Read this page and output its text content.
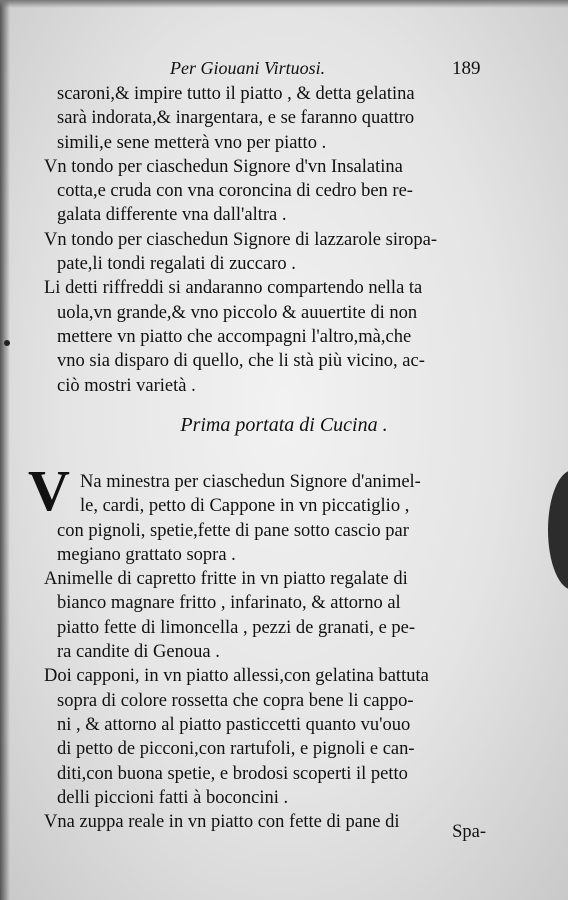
Per Giouani Virtuosi.	189
scaroni,& impire tutto il piatto , & detta gelatina
sarà indorata,& inargentara, e se faranno quattro
simili,e sene metterà vno per piatto .
Vn tondo per ciaschedun Signore d'vn Insalatina
cotta,e cruda con vna coroncina di cedro ben re-
galata differente vna dall'altra .
Vn tondo per ciaschedun Signore di lazzarole siropa-
pate,li tondi regalati di zuccaro .
Li detti riffreddi si andaranno compartendo nella ta
uola,vn grande,& vno piccolo & auuertite di non
mettere vn piatto che accompagni l'altro,mà,che
vno sia disparo di quello, che li stà più vicino, ac-
ciò mostri varietà .
Prima portata di Cucina .
V Na minestra per ciaschedun Signore d'animel-
le, cardi, petto di Cappone in vn piccatiglio ,
con pignoli, spetie,fette di pane sotto cascio par
megiano grattato sopra .
Animelle di capretto fritte in vn piatto regalate di
bianco magnare fritto , infarinato, & attorno al
piatto fette di limoncella , pezzi de granati, e pe-
ra candite di Genoua .
Doi capponi, in vn piatto allessi,con gelatina battuta
sopra di colore rossetta che copra bene li cappo-
ni , & attorno al piatto pasticcetti quanto vu'ouo
di petto de picconi,con rartufoli, e pignoli e can-
diti,con buona spetie, e brodosi scoperti il petto
delli piccioni fatti à boconcini .
Vna zuppa reale in vn piatto con fette di pane di	Spa-
